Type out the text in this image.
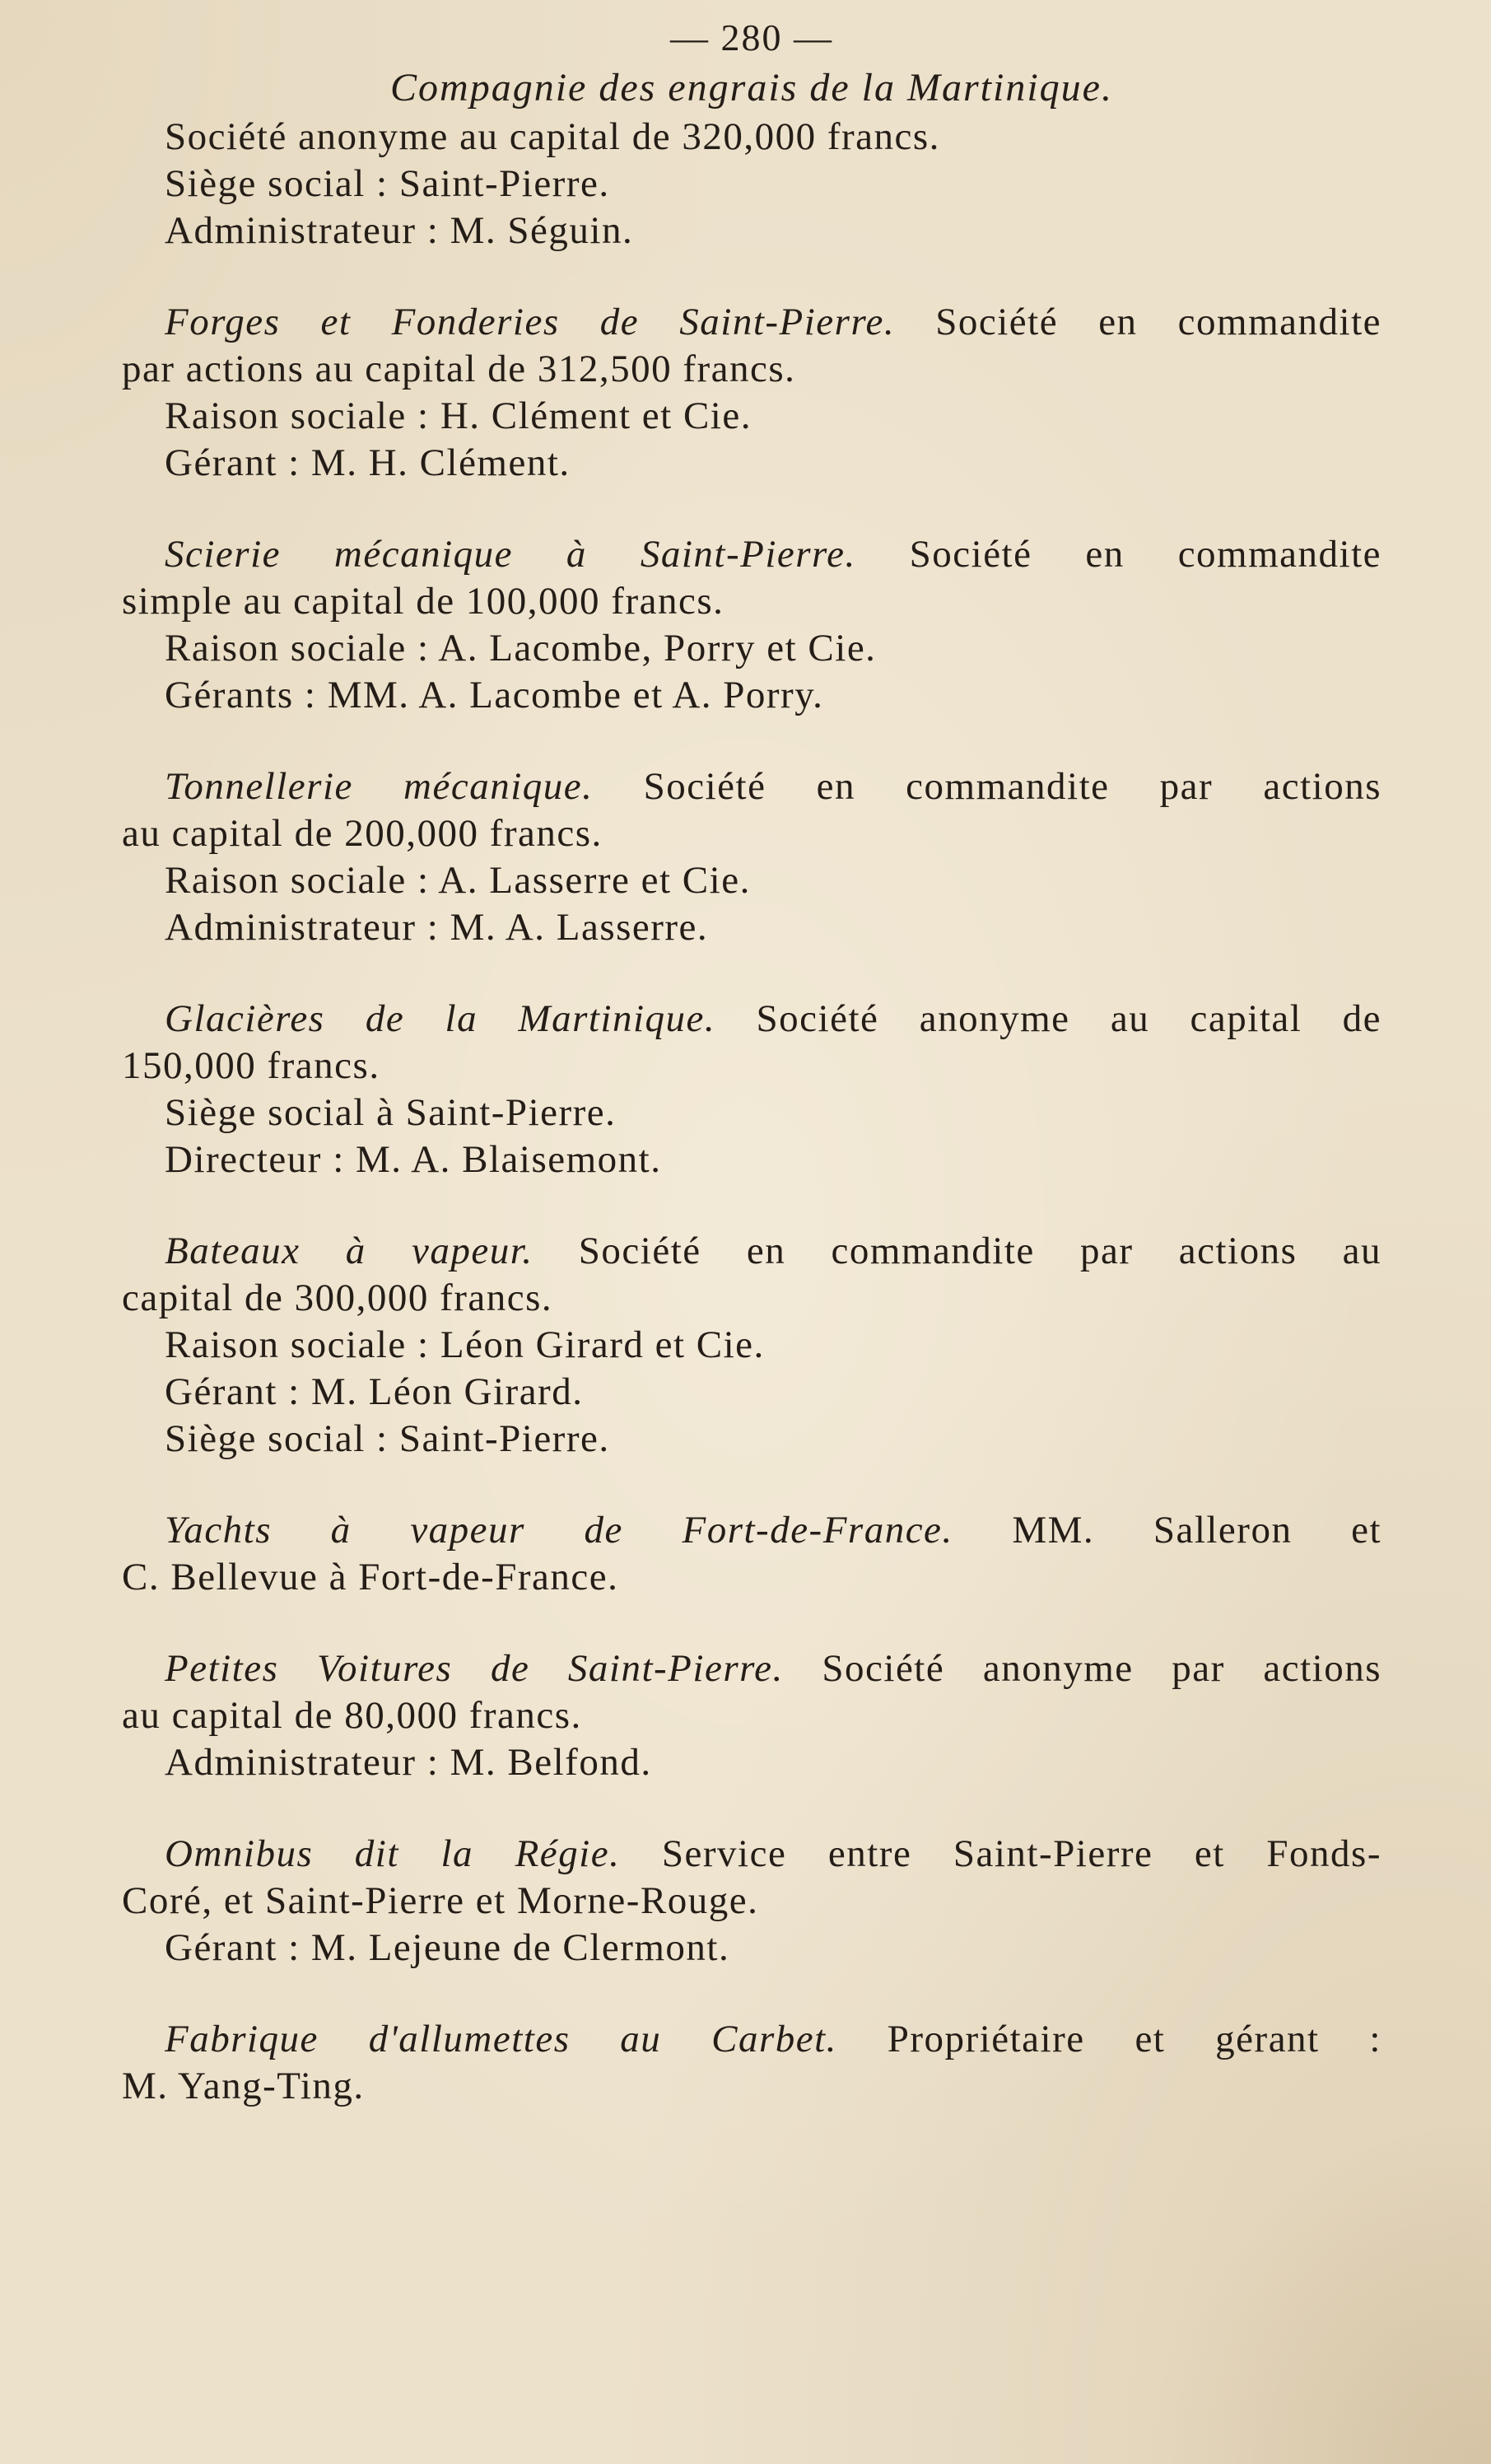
— 280 —
Compagnie des engrais de la Martinique.
Société anonyme au capital de 320,000 francs.
Siège social : Saint-Pierre.
Administrateur : M. Séguin.
Forges et Fonderies de Saint-Pierre. Société en commandite
par actions au capital de 312,500 francs.
Raison sociale : H. Clément et Cie.
Gérant : M. H. Clément.
Scierie mécanique à Saint-Pierre. Société en commandite
simple au capital de 100,000 francs.
Raison sociale : A. Lacombe, Porry et Cie.
Gérants : MM. A. Lacombe et A. Porry.
Tonnellerie mécanique. Société en commandite par actions
au capital de 200,000 francs.
Raison sociale : A. Lasserre et Cie.
Administrateur : M. A. Lasserre.
Glacières de la Martinique. Société anonyme au capital de
150,000 francs.
Siège social à Saint-Pierre.
Directeur : M. A. Blaisemont.
Bateaux à vapeur. Société en commandite par actions au
capital de 300,000 francs.
Raison sociale : Léon Girard et Cie.
Gérant : M. Léon Girard.
Siège social : Saint-Pierre.
Yachts à vapeur de Fort-de-France. MM. Salleron et
C. Bellevue à Fort-de-France.
Petites Voitures de Saint-Pierre. Société anonyme par actions
au capital de 80,000 francs.
Administrateur : M. Belfond.
Omnibus dit la Régie. Service entre Saint-Pierre et Fonds-
Coré, et Saint-Pierre et Morne-Rouge.
Gérant : M. Lejeune de Clermont.
Fabrique d'allumettes au Carbet. Propriétaire et gérant :
M. Yang-Ting.
